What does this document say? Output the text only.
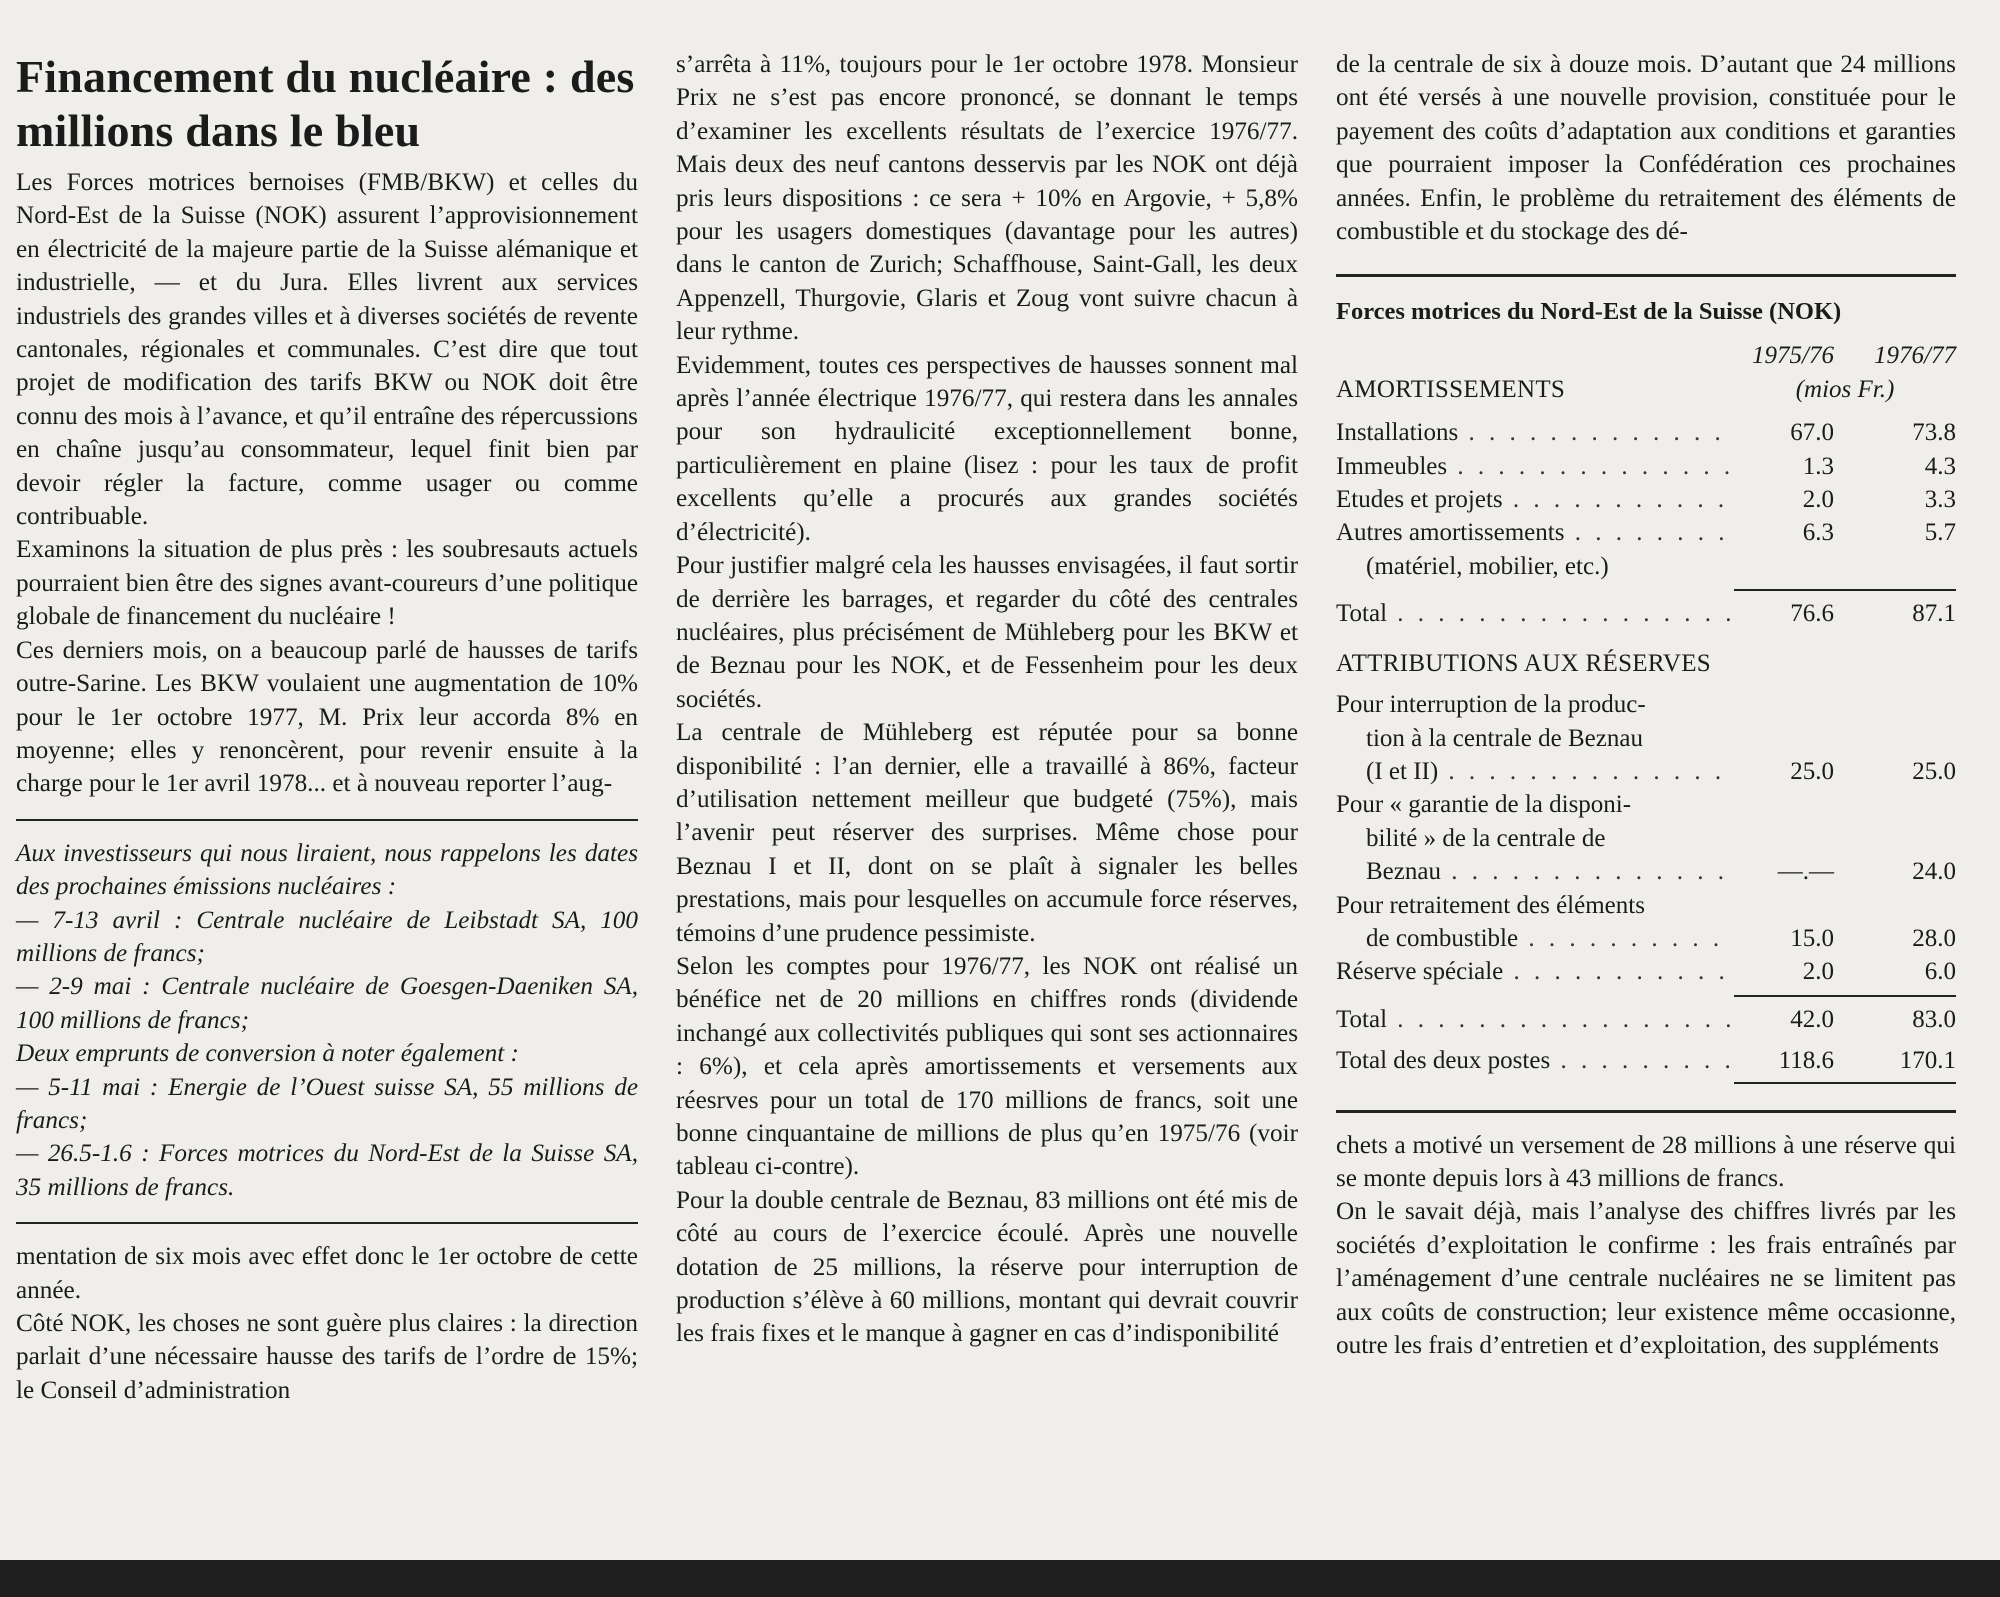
Financement du nucléaire : des millions dans le bleu

Les Forces motrices bernoises (FMB/BKW) et celles du Nord-Est de la Suisse (NOK) assurent l’approvisionnement en électricité de la majeure partie de la Suisse alémanique et industrielle, — et du Jura. Elles livrent aux services industriels des grandes villes et à diverses sociétés de revente cantonales, régionales et communales. C’est dire que tout projet de modification des tarifs BKW ou NOK doit être connu des mois à l’avance, et qu’il entraîne des répercussions en chaîne jusqu’au consommateur, lequel finit bien par devoir régler la facture, comme usager ou comme contribuable.

Examinons la situation de plus près : les soubresauts actuels pourraient bien être des signes avant-coureurs d’une politique globale de financement du nucléaire !

Ces derniers mois, on a beaucoup parlé de hausses de tarifs outre-Sarine. Les BKW voulaient une augmentation de 10% pour le 1er octobre 1977, M. Prix leur accorda 8% en moyenne; elles y renoncèrent, pour revenir ensuite à la charge pour le 1er avril 1978... et à nouveau reporter l’aug-

Aux investisseurs qui nous liraient, nous rappelons les dates des prochaines émissions nucléaires :

— 7-13 avril : Centrale nucléaire de Leibstadt SA, 100 millions de francs;

— 2-9 mai : Centrale nucléaire de Goesgen-Daeniken SA, 100 millions de francs;

Deux emprunts de conversion à noter également :

— 5-11 mai : Energie de l’Ouest suisse SA, 55 millions de francs;

— 26.5-1.6 : Forces motrices du Nord-Est de la Suisse SA, 35 millions de francs.

mentation de six mois avec effet donc le 1er octobre de cette année.

Côté NOK, les choses ne sont guère plus claires : la direction parlait d’une nécessaire hausse des tarifs de l’ordre de 15%; le Conseil d’administration

s’arrêta à 11%, toujours pour le 1er octobre 1978. Monsieur Prix ne s’est pas encore prononcé, se donnant le temps d’examiner les excellents résultats de l’exercice 1976/77. Mais deux des neuf cantons desservis par les NOK ont déjà pris leurs dispositions : ce sera + 10% en Argovie, + 5,8% pour les usagers domestiques (davantage pour les autres) dans le canton de Zurich; Schaffhouse, Saint-Gall, les deux Appenzell, Thurgovie, Glaris et Zoug vont suivre chacun à leur rythme.

Evidemment, toutes ces perspectives de hausses sonnent mal après l’année électrique 1976/77, qui restera dans les annales pour son hydraulicité exceptionnellement bonne, particulièrement en plaine (lisez : pour les taux de profit excellents qu’elle a procurés aux grandes sociétés d’électricité).

Pour justifier malgré cela les hausses envisagées, il faut sortir de derrière les barrages, et regarder du côté des centrales nucléaires, plus précisément de Mühleberg pour les BKW et de Beznau pour les NOK, et de Fessenheim pour les deux sociétés.

La centrale de Mühleberg est réputée pour sa bonne disponibilité : l’an dernier, elle a travaillé à 86%, facteur d’utilisation nettement meilleur que budgeté (75%), mais l’avenir peut réserver des surprises. Même chose pour Beznau I et II, dont on se plaît à signaler les belles prestations, mais pour lesquelles on accumule force réserves, témoins d’une prudence pessimiste.

Selon les comptes pour 1976/77, les NOK ont réalisé un bénéfice net de 20 millions en chiffres ronds (dividende inchangé aux collectivités publiques qui sont ses actionnaires : 6%), et cela après amortissements et versements aux réesrves pour un total de 170 millions de francs, soit une bonne cinquantaine de millions de plus qu’en 1975/76 (voir tableau ci-contre).

Pour la double centrale de Beznau, 83 millions ont été mis de côté au cours de l’exercice écoulé. Après une nouvelle dotation de 25 millions, la réserve pour interruption de production s’élève à 60 millions, montant qui devrait couvrir les frais fixes et le manque à gagner en cas d’indisponibilité

de la centrale de six à douze mois. D’autant que 24 millions ont été versés à une nouvelle provision, constituée pour le payement des coûts d’adaptation aux conditions et garanties que pourraient imposer la Confédération ces prochaines années. Enfin, le problème du retraitement des éléments de combustible et du stockage des dé-

Forces motrices du Nord-Est de la Suisse (NOK)
1975/76	1976/77
AMORTISSEMENTS	(mios Fr.)
Installations . . .	67.0	73.8
Immeubles . . .	1.3	4.3
Etudes et projets . . .	2.0	3.3
Autres amortissements . . .	6.3	5.7
(matériel, mobilier, etc.)
Total . . .	76.6	87.1
ATTRIBUTIONS AUX RÉSERVES
Pour interruption de la produc-
tion à la centrale de Beznau
(I et II) . . .	25.0	25.0
Pour « garantie de la disponi-
bilité » de la centrale de
Beznau . . .	—.—	24.0
Pour retraitement des éléments
de combustible . . .	15.0	28.0
Réserve spéciale . . .	2.0	6.0
Total . . .	42.0	83.0
Total des deux postes . . .	118.6	170.1

chets a motivé un versement de 28 millions à une réserve qui se monte depuis lors à 43 millions de francs.

On le savait déjà, mais l’analyse des chiffres livrés par les sociétés d’exploitation le confirme : les frais entraînés par l’aménagement d’une centrale nucléaires ne se limitent pas aux coûts de construction; leur existence même occasionne, outre les frais d’entretien et d’exploitation, des suppléments
